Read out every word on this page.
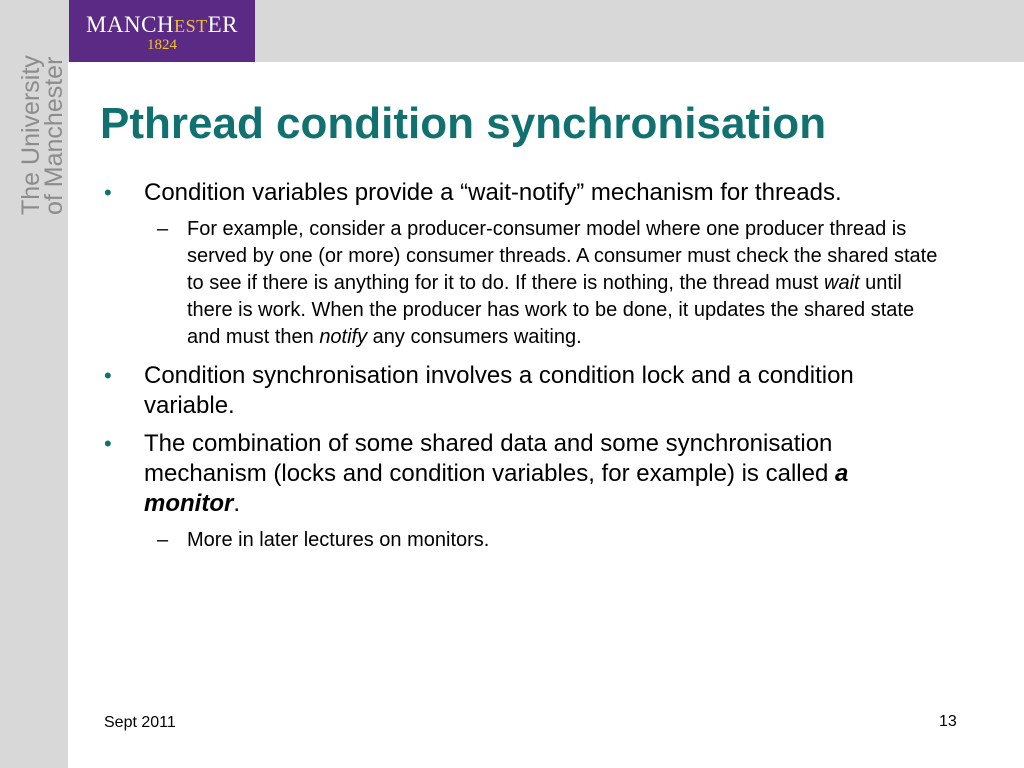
MANCHESTER
1824
The University
of Manchester Pthread condition synchronisation
• Condition variables provide a “wait-notify” mechanism for threads.
– For example, consider a producer-consumer model where one producer thread is served by one (or more) consumer threads. A consumer must check the shared state to see if there is anything for it to do. If there is nothing, the thread must wait until there is work. When the producer has work to be done, it updates the shared state and must then notify any consumers waiting.
• Condition synchronisation involves a condition lock and a condition variable.
• The combination of some shared data and some synchronisation mechanism (locks and condition variables, for example) is called a monitor.
– More in later lectures on monitors.
Sept 2011	13
